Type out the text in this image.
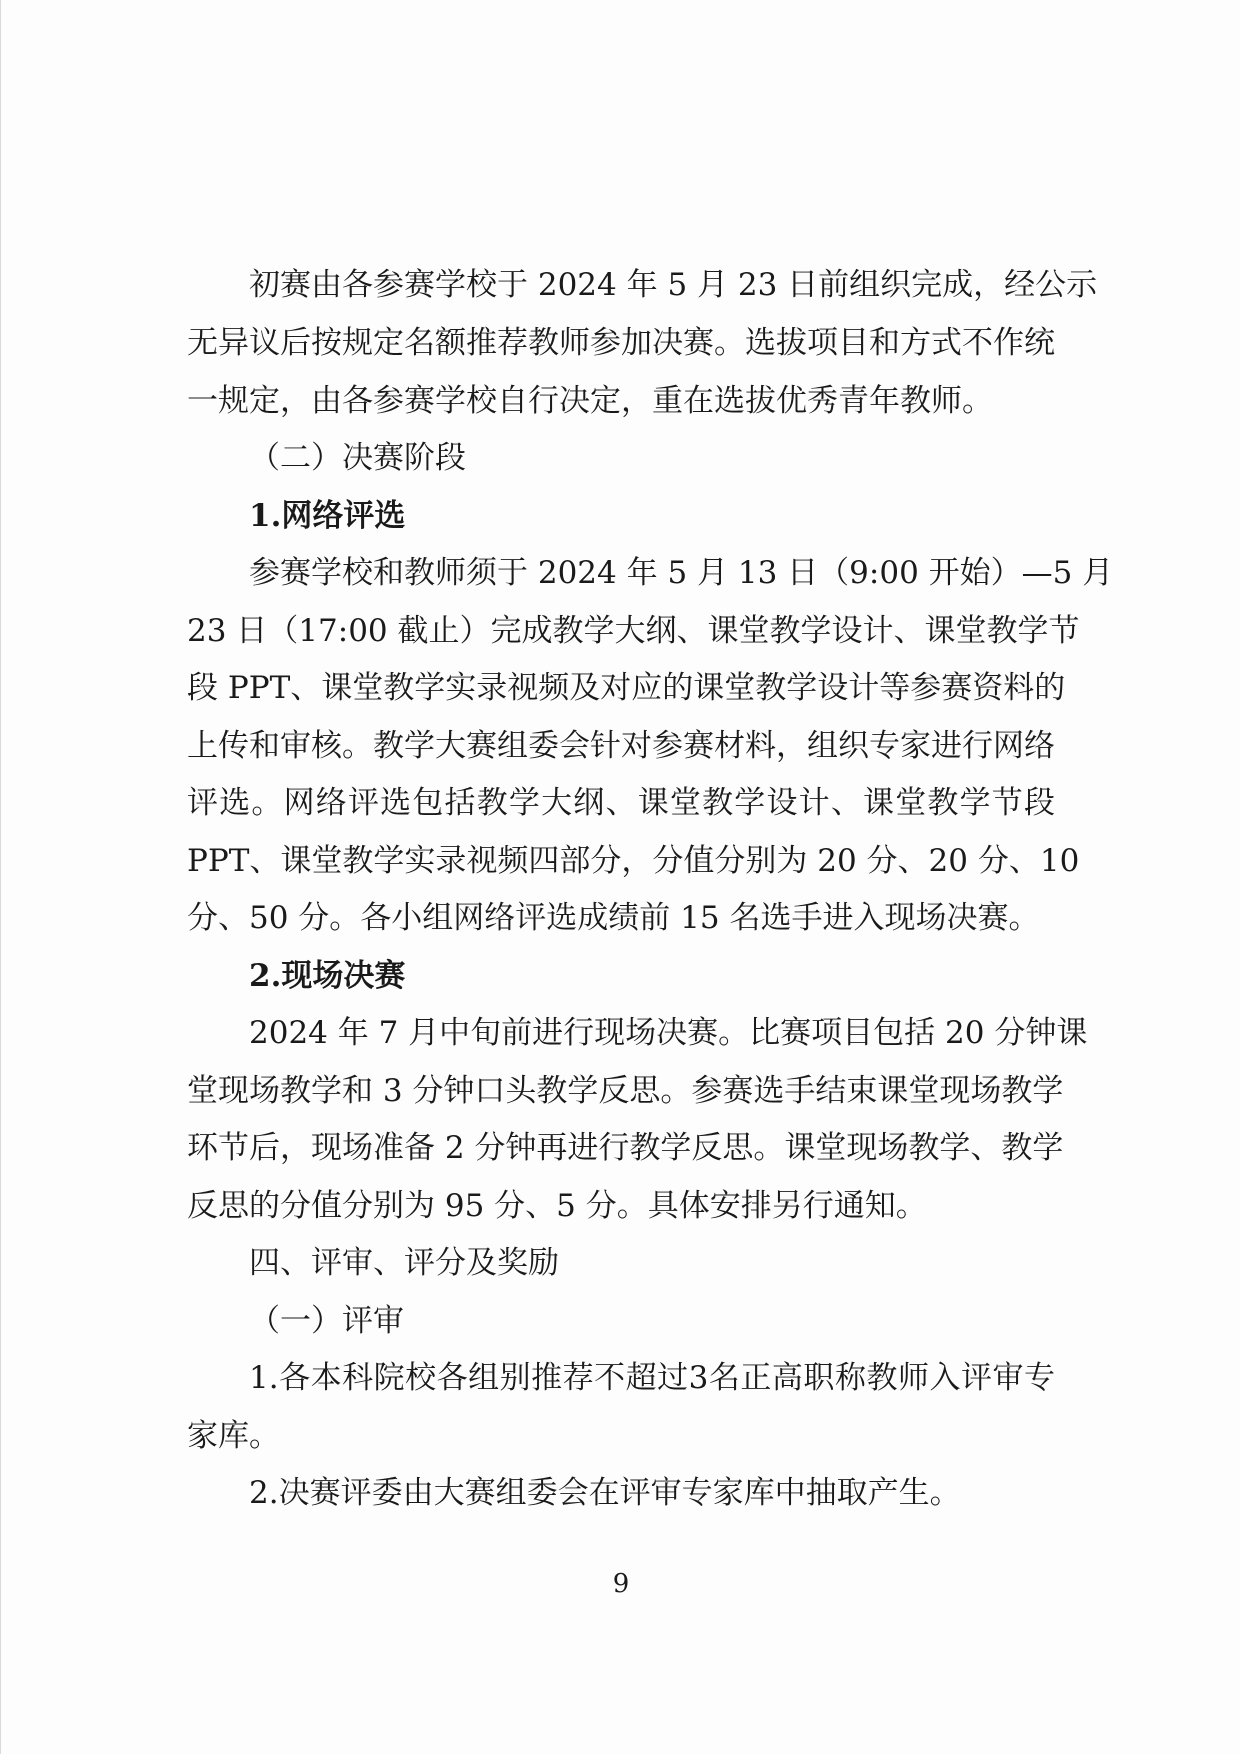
初赛由各参赛学校于 2024 年 5 月 23 日前组织完成，经公示
无异议后按规定名额推荐教师参加决赛。选拔项目和方式不作统
一规定，由各参赛学校自行决定，重在选拔优秀青年教师。
（二）决赛阶段
1.网络评选
参赛学校和教师须于 2024 年 5 月 13 日（9:00 开始）—5 月
23 日（17:00 截止）完成教学大纲、课堂教学设计、课堂教学节
段 PPT、课堂教学实录视频及对应的课堂教学设计等参赛资料的
上传和审核。教学大赛组委会针对参赛材料，组织专家进行网络
评选。网络评选包括教学大纲、课堂教学设计、课堂教学节段
PPT、课堂教学实录视频四部分，分值分别为 20 分、20 分、10
分、50 分。各小组网络评选成绩前 15 名选手进入现场决赛。
2.现场决赛
2024 年 7 月中旬前进行现场决赛。比赛项目包括 20 分钟课
堂现场教学和 3 分钟口头教学反思。参赛选手结束课堂现场教学
环节后，现场准备 2 分钟再进行教学反思。课堂现场教学、教学
反思的分值分别为 95 分、5 分。具体安排另行通知。
四、评审、评分及奖励
（一）评审
1.各本科院校各组别推荐不超过3名正高职称教师入评审专
家库。
2.决赛评委由大赛组委会在评审专家库中抽取产生。
9
